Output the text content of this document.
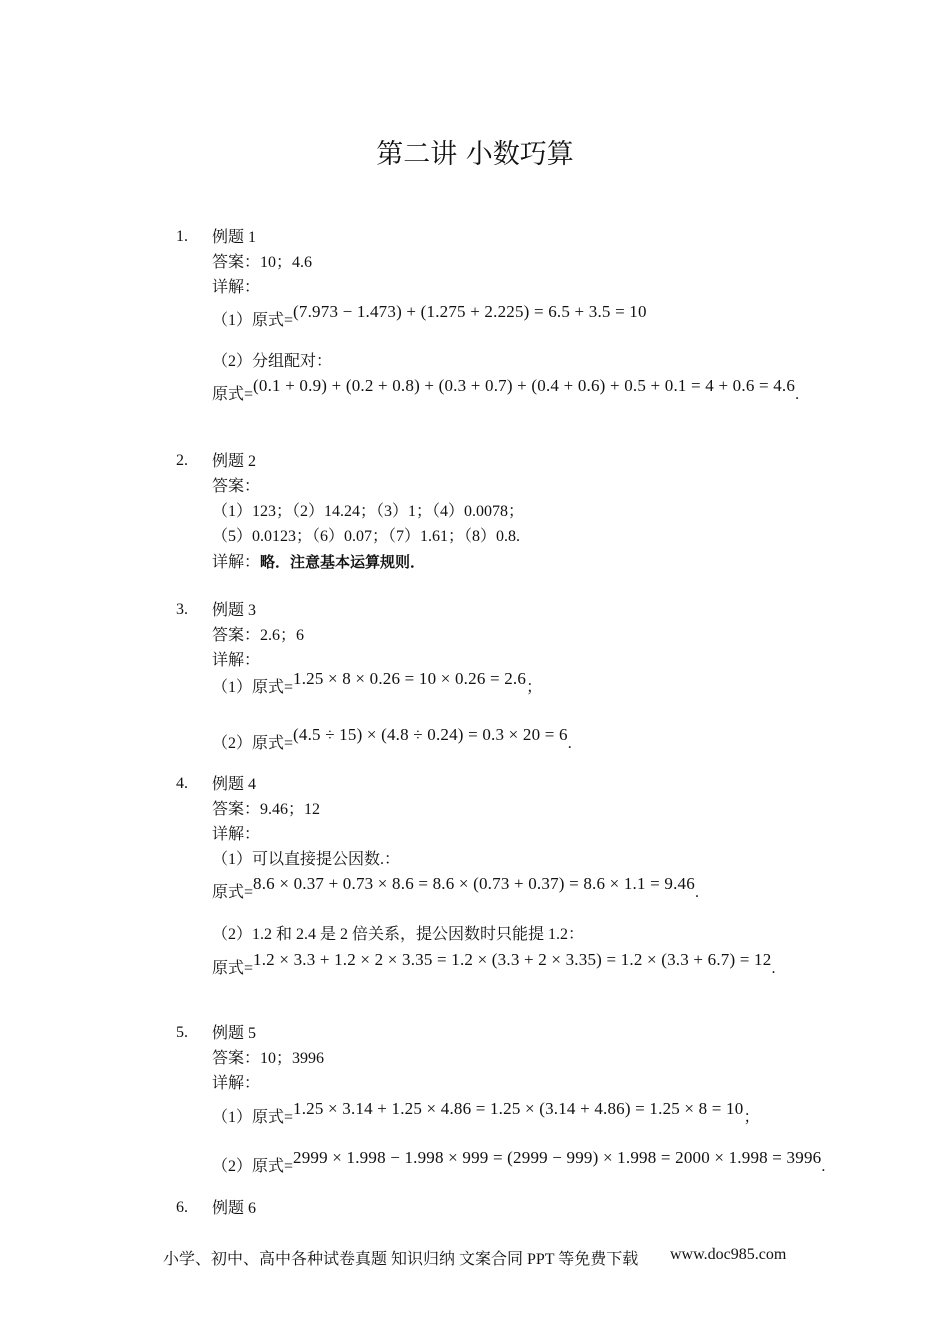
第二讲 小数巧算
1. 例题 1
答案：10；4.6
详解：
（1）原式=(7.973 − 1.473) + (1.275 + 2.225) = 6.5 + 3.5 = 10
（2）分组配对：
原式=(0.1 + 0.9) + (0.2 + 0.8) + (0.3 + 0.7) + (0.4 + 0.6) + 0.5 + 0.1 = 4 + 0.6 = 4.6.
2. 例题 2
答案：
（1）123；（2）14.24；（3）1；（4）0.0078；
（5）0.0123；（6）0.07；（7）1.61；（8）0.8.
详解：略．注意基本运算规则．
3. 例题 3
答案：2.6；6
详解：
（1）原式=1.25 × 8 × 0.26 = 10 × 0.26 = 2.6；
（2）原式=(4.5 ÷ 15) × (4.8 ÷ 0.24) = 0.3 × 20 = 6.
4. 例题 4
答案：9.46；12
详解：
（1）可以直接提公因数.：
原式=8.6 × 0.37 + 0.73 × 8.6 = 8.6 × (0.73 + 0.37) = 8.6 × 1.1 = 9.46.
（2）1.2 和 2.4 是 2 倍关系，提公因数时只能提 1.2：
原式=1.2 × 3.3 + 1.2 × 2 × 3.35 = 1.2 × (3.3 + 2 × 3.35) = 1.2 × (3.3 + 6.7) = 12.
5. 例题 5
答案：10；3996
详解：
（1）原式=1.25 × 3.14 + 1.25 × 4.86 = 1.25 × (3.14 + 4.86) = 1.25 × 8 = 10；
（2）原式=2999 × 1.998 − 1.998 × 999 = (2999 − 999) × 1.998 = 2000 × 1.998 = 3996.
6. 例题 6
小学、初中、高中各种试卷真题 知识归纳 文案合同 PPT 等免费下载 www.doc985.com
